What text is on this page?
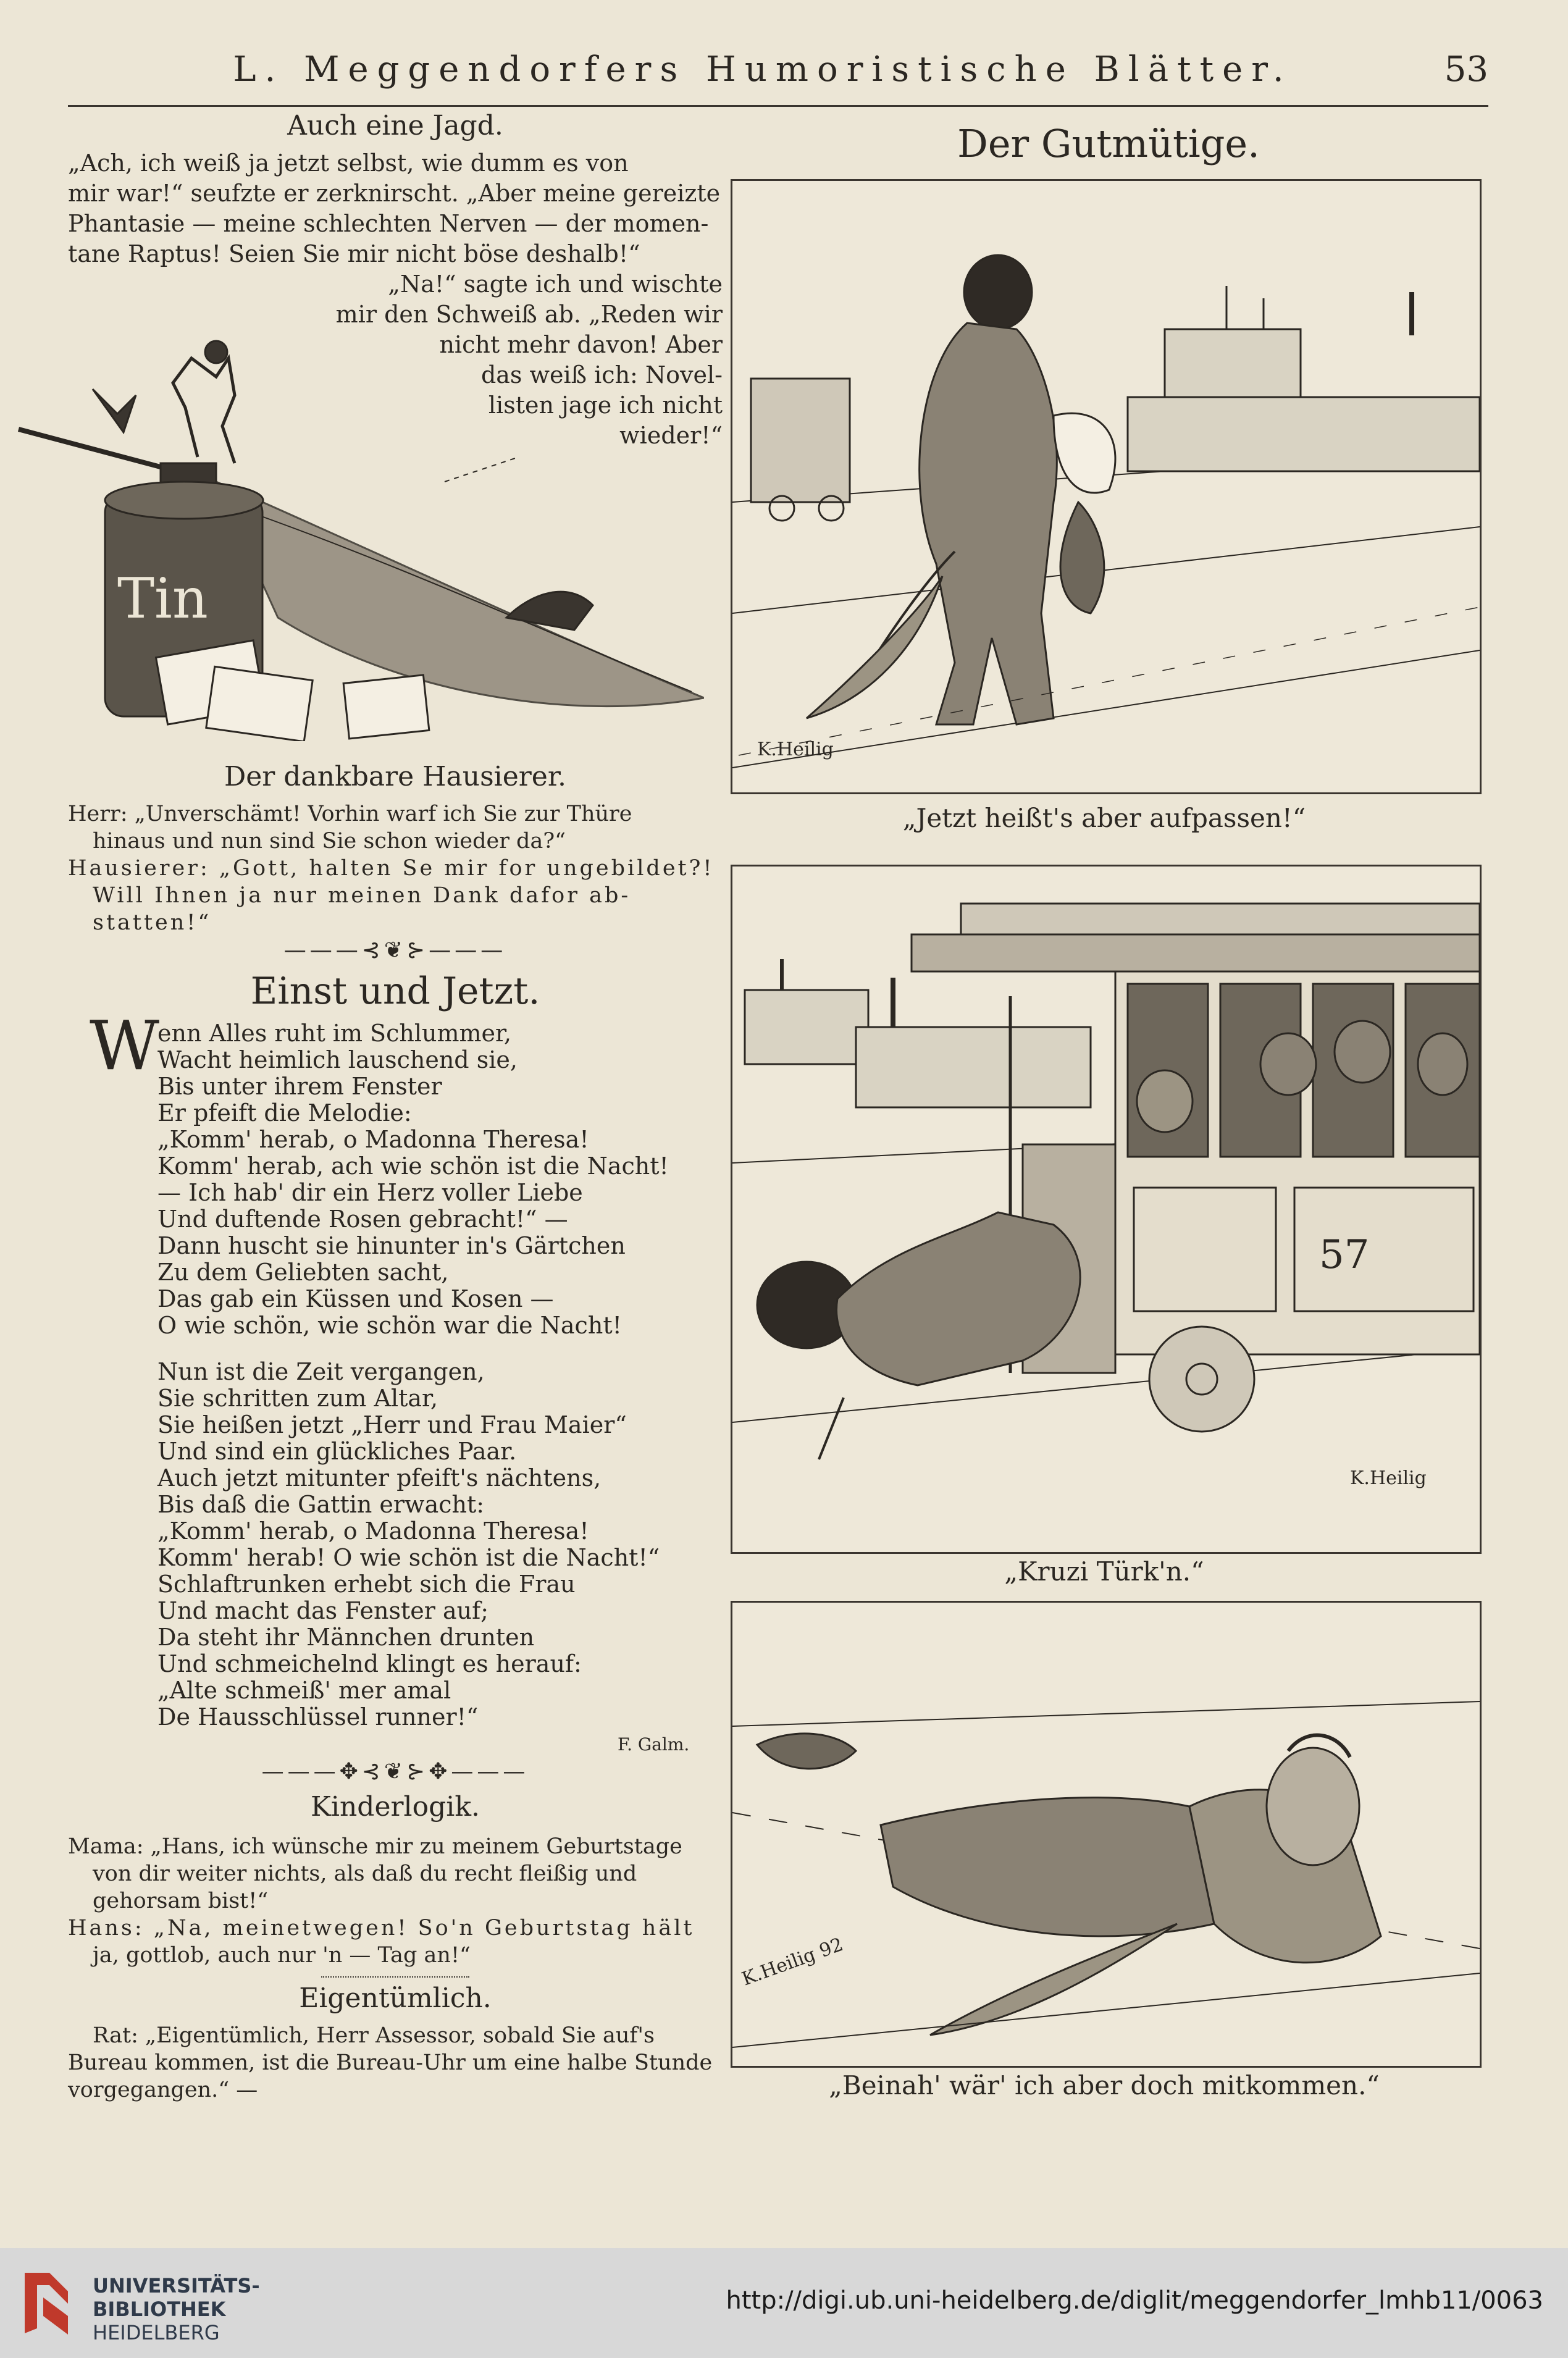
L. Meggendorfers Humoristische Blätter.	53
Auch eine Jagd.
„Ach, ich weiß ja jetzt selbst, wie dumm es von
mir war!“ seufzte er zerknirscht. „Aber meine gereizte
Phantasie — meine schlechten Nerven — der momen-
tane Raptus! Seien Sie mir nicht böse deshalb!“
„Na!“ sagte ich und wischte
mir den Schweiß ab. „Reden wir
nicht mehr davon! Aber
das weiß ich: Novel-
listen jage ich nicht
wieder!“
Tin
Der dankbare Hausierer.
Herr: „Unverschämt! Vorhin warf ich Sie zur Thüre
hinaus und nun sind Sie schon wieder da?“
Hausierer: „Gott, halten Se mir for ungebildet?!
Will Ihnen ja nur meinen Dank dafor ab-
statten!“
———⊰❦⊱———
Einst und Jetzt.
W
enn Alles ruht im Schlummer,
Wacht heimlich lauschend sie,
Bis unter ihrem Fenster
Er pfeift die Melodie:
„Komm' herab, o Madonna Theresa!
Komm' herab, ach wie schön ist die Nacht!
— Ich hab' dir ein Herz voller Liebe
Und duftende Rosen gebracht!“ —
Dann huscht sie hinunter in's Gärtchen
Zu dem Geliebten sacht,
Das gab ein Küssen und Kosen —
O wie schön, wie schön war die Nacht!
Nun ist die Zeit vergangen,
Sie schritten zum Altar,
Sie heißen jetzt „Herr und Frau Maier“
Und sind ein glückliches Paar.
Auch jetzt mitunter pfeift's nächtens,
Bis daß die Gattin erwacht:
„Komm' herab, o Madonna Theresa!
Komm' herab! O wie schön ist die Nacht!“
Schlaftrunken erhebt sich die Frau
Und macht das Fenster auf;
Da steht ihr Männchen drunten
Und schmeichelnd klingt es herauf:
„Alte schmeiß' mer amal
De Hausschlüssel runner!“
F. Galm.
———✥⊰❦⊱✥———
Kinderlogik.
Mama: „Hans, ich wünsche mir zu meinem Geburtstage
von dir weiter nichts, als daß du recht fleißig und
gehorsam bist!“
Hans: „Na, meinetwegen! So'n Geburtstag hält
ja, gottlob, auch nur 'n — Tag an!“
Eigentümlich.
Rat: „Eigentümlich, Herr Assessor, sobald Sie auf's
Bureau kommen, ist die Bureau-Uhr um eine halbe Stunde
vorgegangen.“ —
Der Gutmütige.
K.Heilig
„Jetzt heißt's aber aufpassen!“
57
K.Heilig
„Kruzi Türk'n.“
K.Heilig 92
„Beinah' wär' ich aber doch mitkommen.“
UNIVERSITÄTS-
BIBLIOTHEK
HEIDELBERG
http://digi.ub.uni-heidelberg.de/diglit/meggendorfer_lmhb11/0063
